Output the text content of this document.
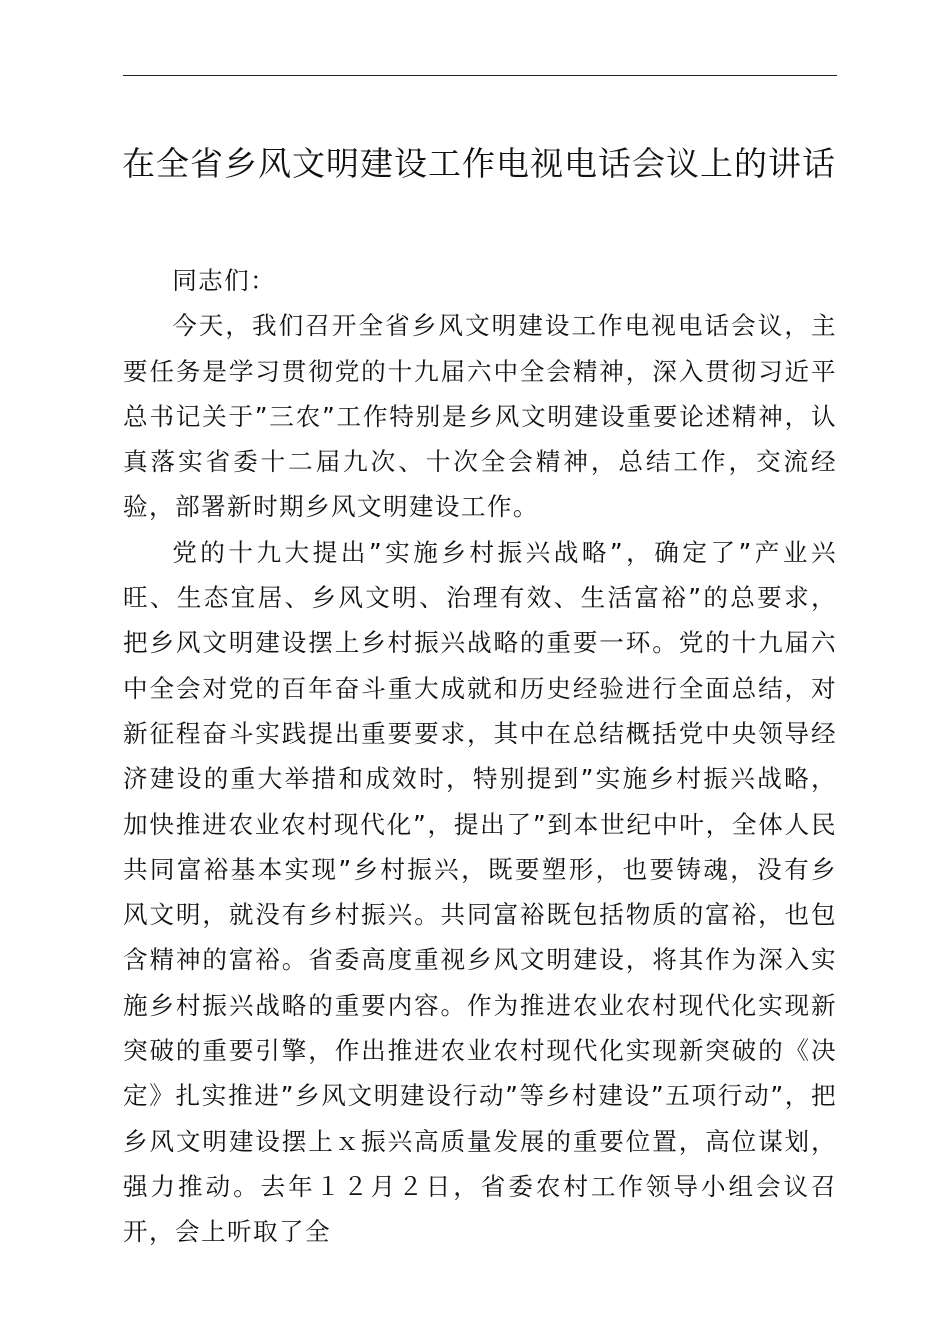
在全省乡风文明建设工作电视电话会议上的讲话

同志们：

今天，我们召开全省乡风文明建设工作电视电话会议，主要任务是学习贯彻党的十九届六中全会精神，深入贯彻习近平总书记关于”三农”工作特别是乡风文明建设重要论述精神，认真落实省委十二届九次、十次全会精神，总结工作，交流经验，部署新时期乡风文明建设工作。

党的十九大提出”实施乡村振兴战略”，确定了”产业兴旺、生态宜居、乡风文明、治理有效、生活富裕”的总要求，把乡风文明建设摆上乡村振兴战略的重要一环。党的十九届六中全会对党的百年奋斗重大成就和历史经验进行全面总结，对新征程奋斗实践提出重要要求，其中在总结概括党中央领导经济建设的重大举措和成效时，特别提到”实施乡村振兴战略，加快推进农业农村现代化”，提出了”到本世纪中叶，全体人民共同富裕基本实现”乡村振兴，既要塑形，也要铸魂，没有乡风文明，就没有乡村振兴。共同富裕既包括物质的富裕，也包含精神的富裕。省委高度重视乡风文明建设，将其作为深入实施乡村振兴战略的重要内容。作为推进农业农村现代化实现新突破的重要引擎，作出推进农业农村现代化实现新突破的《决定》扎实推进”乡风文明建设行动”等乡村建设”五项行动”，把乡风文明建设摆上ｘ振兴高质量发展的重要位置，高位谋划，强力推动。去年１２月２日，省委农村工作领导小组会议召开，会上听取了全
